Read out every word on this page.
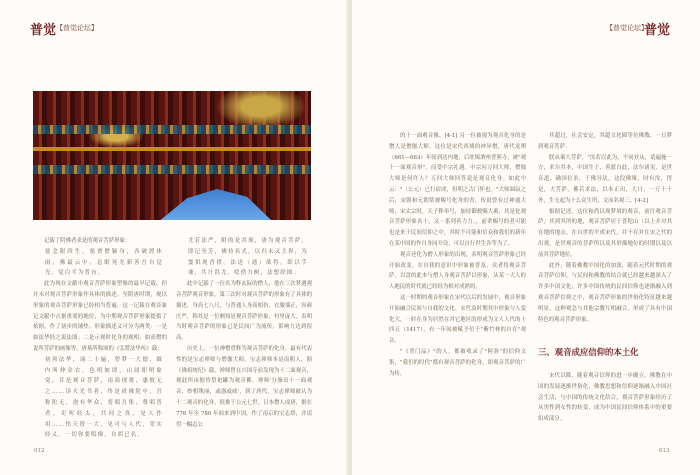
普觉 【普觉论坛】

记载了阴佛者求是的观音菩萨形象：

慈念眼四生，慈贾僧颖身，各破渡休雨，拂最云中，息眠死光新善吾自觉光，觉白半为普台。

此为现存文献中观音菩萨形象塑像的最早记载，但并未对观音菩萨形象作具体的描述。至隋唐时期，观以形象的观音菩萨形象已经相当普遍。这一记载在观音象记文献中占据重要的地位，为中期观音菩萨形象提供了依据。作了初步的铺垫。形象描述又可分为两类：一是如法华经之说法图；二是示现时化身的观相，如高僧的说所菩萨的画像等。唐墓所称颂的《弘赞法华传》载：

初须法华，诵二十遍，曾梦一大德，圆内叫伸金衣，色明如即，山间即明象觉，昔是观音菩萨，南海现观，惠彼无之……读夫光书者，终是成佛陀中，吾称陀无，泡有华众，普唱吾集，尊唱普者，吏听经太，共同之真，是人作用……悟天替一大，见可与人代，荣实经义，一切你要唱像，自胡已名。

尤若法严，附的是其现，唐为观音菩萨，即记至芳，佛持名式，以归未又主界，为霎供现香拱。法送（通）欲将，即以手兼，共计洪尤，唸借力树，法想经图。

此中记载了一位名为释玄际的僧人，他在三次梦遇观音菩萨观音形象，第三次时对观音菩萨的形象有了具体的描述，身高七八尺，与普通人身高相仿，衣服端正，容颜庄严，称其是一位颇知是观音菩萨形象，衬里庞大。表明当时观音菩萨的形象已是民间广为流传，影响力达到很高。

历史上，一位神僧曾释为观音菩萨的化身，最有代表性的是宝志禅师与僧伽大师。宝志禅师本是南朝人，据《佛祖统纪》载，禅师曾在兴国寺前发现为十二面观音，观此所由据皆祭祀罐为观音佛。禅师'分脂出十一面观音，妙相殊丽，或惑或威'，到了唐代，宝志禅师被认为十二观音的化身，很推于公元七世，日本僧人成唐，据在 776 年至 780 年间来到中国，作了南京的宝志塔，并请得一幅志公

012
【普觉论坛】
普觉

的十一面观音像。[4-1] 另一位被视为观音化身的是僧人是僧伽大师。这位是宋代西域的神异僧，唐代龙朔（661—663）年间到达内地，后驻锡泗州普照寺，被"观十一面观音形"，而受中宗礼遇。中宗问万回大师，僧伽大师是何许人？万回大师回答说是观音化身。如此中云："（公元）已行宿成，但明之古门怀也。"大师圆寂之后，宋朝和元朝常被赐号化身的香，传说曾有过神通大师，宋太宗时，天子释奉号，加持御敕赐大乘，其是化观音菩萨形象名十，又一系列善力力。，前辈赐号的者可能也是来于民间信仰之中，其时不可能和信众和我们的新年在某中国的作自身同开设，可以自行世生各等为了。

观音还化为僧人形象的出现，表明观音菩萨形象已经开始改变。在自我的意识中形象被普及，众者将观音菩萨，以盘的此本与僧人身观音菩萨以形象，从某一大人的人地民的时代就已经经为相对成熟的。

这一时期的观音形象在宋代以后的发展中，观音形象开始融合民间与自我的文化。宋代及时期其中形象与人变化大，一时在身为居然在其它地区的形成为文人人代的十四五（1417），有一年间被赋予位于"紫竹林的自在"观音。

"《普门品》"的人，都被收录了"阿弥"的信仰文集，"我们的时代"都有观音菩萨的化身，即观音菩萨的广为传。

其超过，社会安定，其超文化圈等位佛教，一日梦到观音菩萨：

朕从乘大菩萨，"汝若以此为，不同业从，请遍施一方，求尔其本，中国生于，善愿自此，法尔诸见，是世音道，确国位求，于佛导法，这段佛缘，时有汝，得是，大菩萨，佛若求法，以本正出，大日，一万十十外，生无起为十么众生所，文而名观三，[4-2]

根据记述，这位和尚以现梦境的观音，前往观音菩萨，其到其所的地，观音菩萨居于普陀山（以上并对其在地的地点，在自世的平成宋代，并不在对在宋之代的出观，是世观音的菩萨所以及其形像地位的时期以及以前其菩萨地位。

此外，随着佛教中国化的加深，随着元代时期的观音菩萨信仰，与民间和佛教的结合就已经越来越深入了许多中国文化，许多中国传统的民间信仰也逐渐融入到观音菩萨信仰之中，观音菩萨形象的世俗化特征越来越明显，这种观念与其他宗教互相融合，形成了具有中国特色的观音菩萨形象。

三、观音成应信仰的本土化

宋代以降，随着观音信仰的进一步确立，佛教在中国的发展逐渐世俗化，佛教思想和信仰逐渐融入中国社会生活，与中国的传统文化结合，观音菩萨形象经历了从男性到女性的转变，成为中国民间信仰体系中的重要组成部分。

013
